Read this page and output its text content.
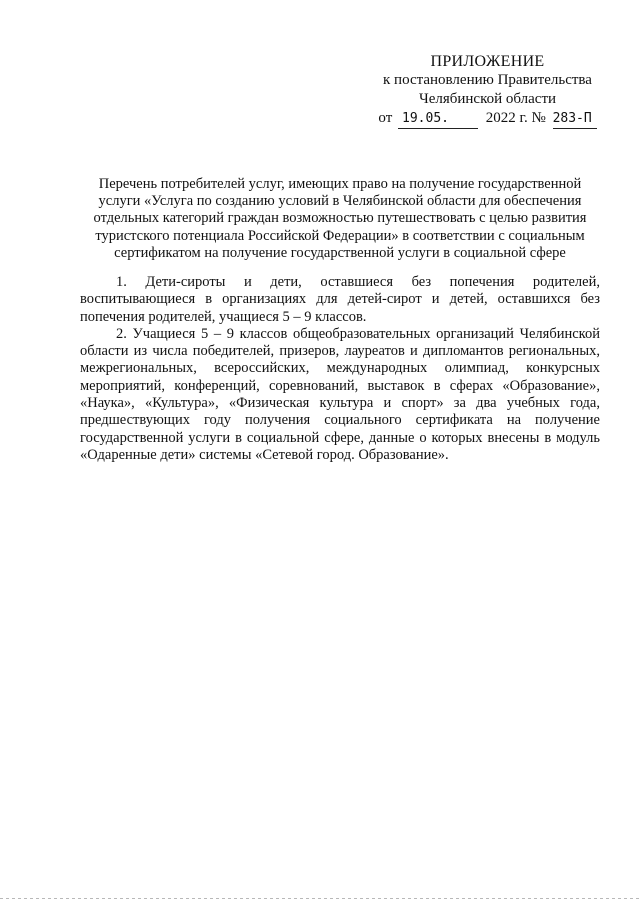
ПРИЛОЖЕНИЕ
к постановлению Правительства
Челябинской области
от 19.05. 2022 г. № 283-П
Перечень потребителей услуг, имеющих право на получение государственной
услуги «Услуга по созданию условий в Челябинской области для обеспечения
отдельных категорий граждан возможностью путешествовать с целью развития
туристского потенциала Российской Федерации» в соответствии с социальным
сертификатом на получение государственной услуги в социальной сфере

1. Дети-сироты и дети, оставшиеся без попечения родителей, воспитывающиеся в организациях для детей-сирот и детей, оставшихся без попечения родителей, учащиеся 5 – 9 классов.

2. Учащиеся 5 – 9 классов общеобразовательных организаций Челябинской области из числа победителей, призеров, лауреатов и дипломантов региональных, межрегиональных, всероссийских, международных олимпиад, конкурсных мероприятий, конференций, соревнований, выставок в сферах «Образование», «Наука», «Культура», «Физическая культура и спорт» за два учебных года, предшествующих году получения социального сертификата на получение государственной услуги в социальной сфере, данные о которых внесены в модуль «Одаренные дети» системы «Сетевой город. Образование».
